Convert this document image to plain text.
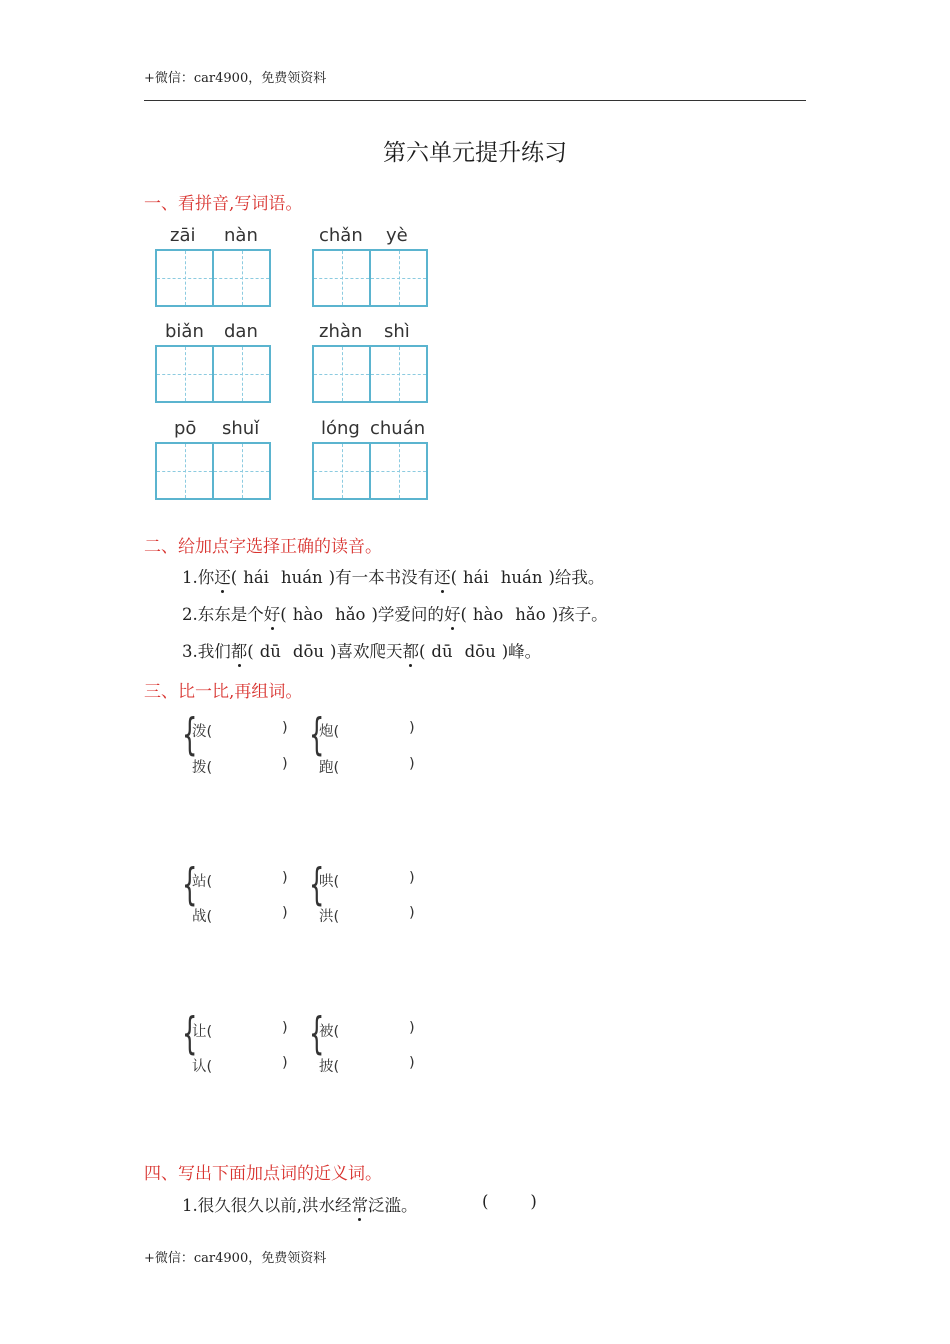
+微信：car4900，免费领资料
第六单元提升练习
一、看拼音,写词语。
zāi nàn	chǎn yè
biǎn dan	zhàn shì
pō shuǐ	lóng chuán
二、给加点字选择正确的读音。
1.你还( hái huán )有一本书没有还( hái huán )给我。
2.东东是个好( hào hǎo )学爱问的好( hào hǎo )孩子。
3.我们都( dū dōu )喜欢爬天都( dū dōu )峰。
三、比一比,再组词。
{
泼(	)
拨(	)
{
炮(	)
跑(	)
{
站(	)
战(	)
{
哄(	)
洪(	)
{
让(	)
认(	)
{
被(	)
披(	)
四、写出下面加点词的近义词。
1.很久很久以前,洪水经常泛滥。	(        )
+微信：car4900，免费领资料
